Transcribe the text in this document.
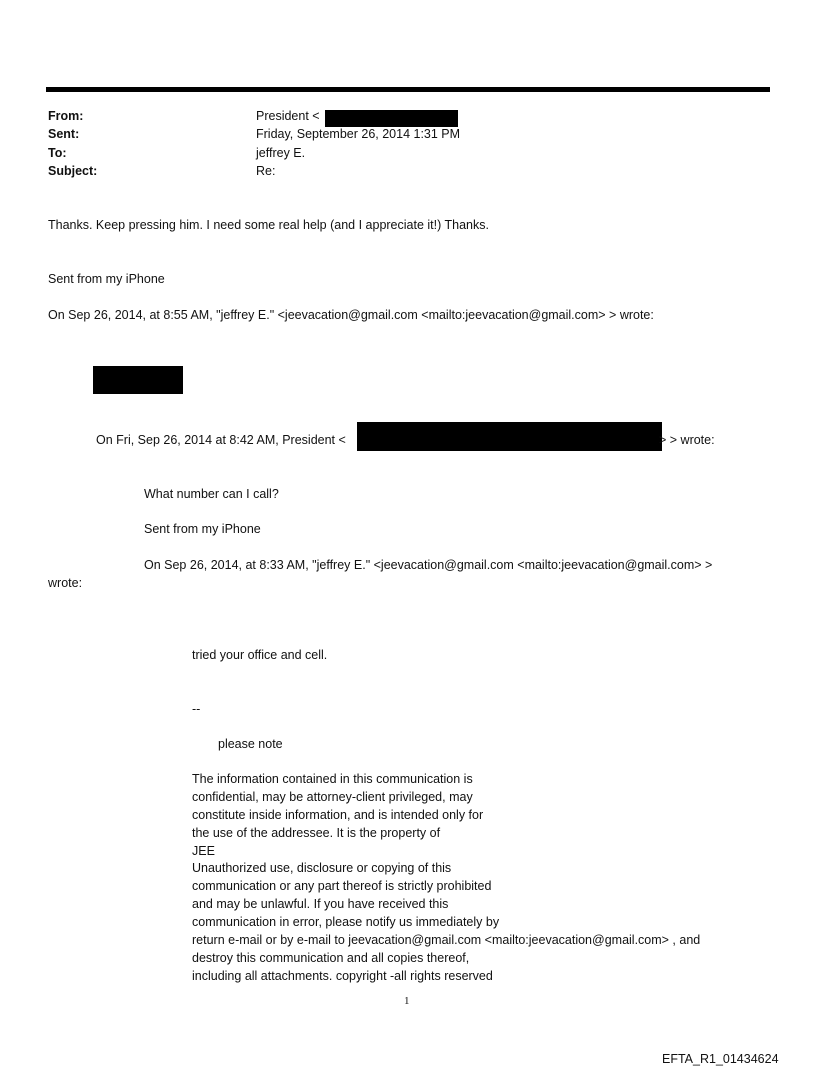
From:	President <
Sent:	Friday, September 26, 2014 1:31 PM
To:	jeffrey E.
Subject:	Re:
Thanks. Keep pressing him. I need some real help (and I appreciate it!) Thanks.
Sent from my iPhone
On Sep 26, 2014, at 8:55 AM, "jeffrey E." <jeevacation@gmail.com <mailto:jeevacation@gmail.com> > wrote:
On Fri, Sep 26, 2014 at 8:42 AM, President <	> > wrote:
What number can I call?
Sent from my iPhone
On Sep 26, 2014, at 8:33 AM, "jeffrey E." <jeevacation@gmail.com <mailto:jeevacation@gmail.com> >
wrote:
tried your office and cell.
--
please note
The information contained in this communication is
confidential, may be attorney-client privileged, may
constitute inside information, and is intended only for
the use of the addressee. It is the property of
JEE
Unauthorized use, disclosure or copying of this
communication or any part thereof is strictly prohibited
and may be unlawful. If you have received this
communication in error, please notify us immediately by
return e-mail or by e-mail to jeevacation@gmail.com <mailto:jeevacation@gmail.com> , and
destroy this communication and all copies thereof,
including all attachments. copyright -all rights reserved
1
EFTA_R1_01434624
